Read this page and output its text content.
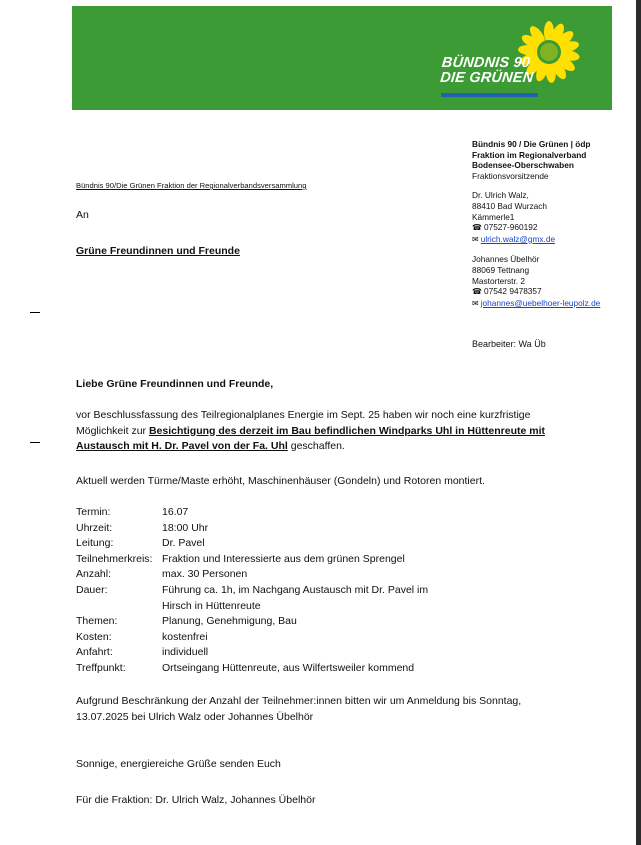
BÜNDNIS 90
DIE GRÜNEN
Bündnis 90 / Die Grünen | ödp
Fraktion im Regionalverband
Bodensee-Oberschwaben
Fraktionsvorsitzende
Dr. Ulrich Walz,
88410 Bad Wurzach
Kämmerle1
☎ 07527-960192
✉ ulrich.walz@gmx.de
Johannes Übelhör
88069 Tettnang
Mastorterstr. 2
☎ 07542 9478357
✉ johannes@uebelhoer-leupolz.de
Bearbeiter: Wa Üb
Bündnis 90/Die Grünen Fraktion der Regionalverbandsversammlung
An
Grüne Freundinnen und Freunde
Liebe Grüne Freundinnen und Freunde,
vor Beschlussfassung des Teilregionalplanes Energie im Sept. 25 haben wir noch eine kurzfristige Möglichkeit zur Besichtigung des derzeit im Bau befindlichen Windparks Uhl in Hüttenreute mit Austausch mit H. Dr. Pavel von der Fa. Uhl geschaffen.
Aktuell werden Türme/Maste erhöht, Maschinenhäuser (Gondeln) und Rotoren montiert.
Termin:	16.07
Uhrzeit:	18:00 Uhr
Leitung:	Dr. Pavel
Teilnehmerkreis:	Fraktion und Interessierte aus dem grünen Sprengel
Anzahl:	max. 30 Personen
Dauer:	Führung ca. 1h, im Nachgang Austausch mit Dr. Pavel im
	Hirsch in Hüttenreute
Themen:	Planung, Genehmigung, Bau
Kosten:	kostenfrei
Anfahrt:	individuell
Treffpunkt:	Ortseingang Hüttenreute, aus Wilfertsweiler kommend
Aufgrund Beschränkung der Anzahl der Teilnehmer:innen bitten wir um Anmeldung bis Sonntag, 13.07.2025 bei Ulrich Walz oder Johannes Übelhör
Sonnige, energiereiche Grüße senden Euch
Für die Fraktion: Dr. Ulrich Walz, Johannes Übelhör
